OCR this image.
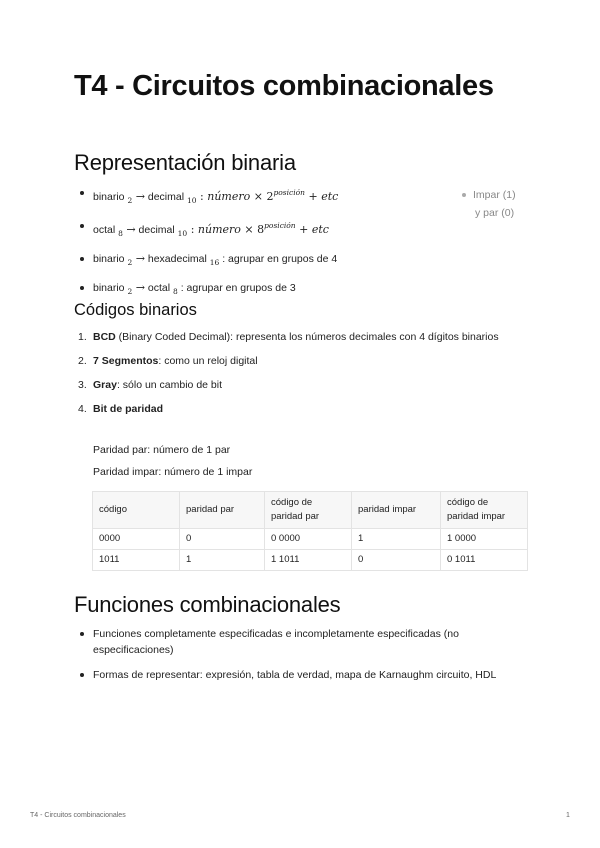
T4 - Circuitos combinacionales
Representación binaria
binario $_2$ → decimal $_{10}$ : número × $2^{posición}$ + etc
octal $_8$ → decimal $_{10}$ : número × $8^{posición}$ + etc
binario $_2$ → hexadecimal $_{16}$ : agrupar en grupos de 4
binario $_2$ → octal $_8$ : agrupar en grupos de 3
Impar (1)
y par (0)
Códigos binarios
1. BCD (Binary Coded Decimal): representa los números decimales con 4 dígitos binarios
2. 7 Segmentos: como un reloj digital
3. Gray: sólo un cambio de bit
4. Bit de paridad

Paridad par: número de 1 par

Paridad impar: número de 1 impar

código	paridad par	código de paridad par	paridad impar	código de paridad impar
0000	0	0 0000	1	1 0000
1011	1	1 1011	0	0 1011
Funciones combinacionales
Funciones completamente especificadas e incompletamente especificadas (no especificaciones)
Formas de representar: expresión, tabla de verdad, mapa de Karnaughm circuito, HDL
T4 - Circuitos combinacionales	1
